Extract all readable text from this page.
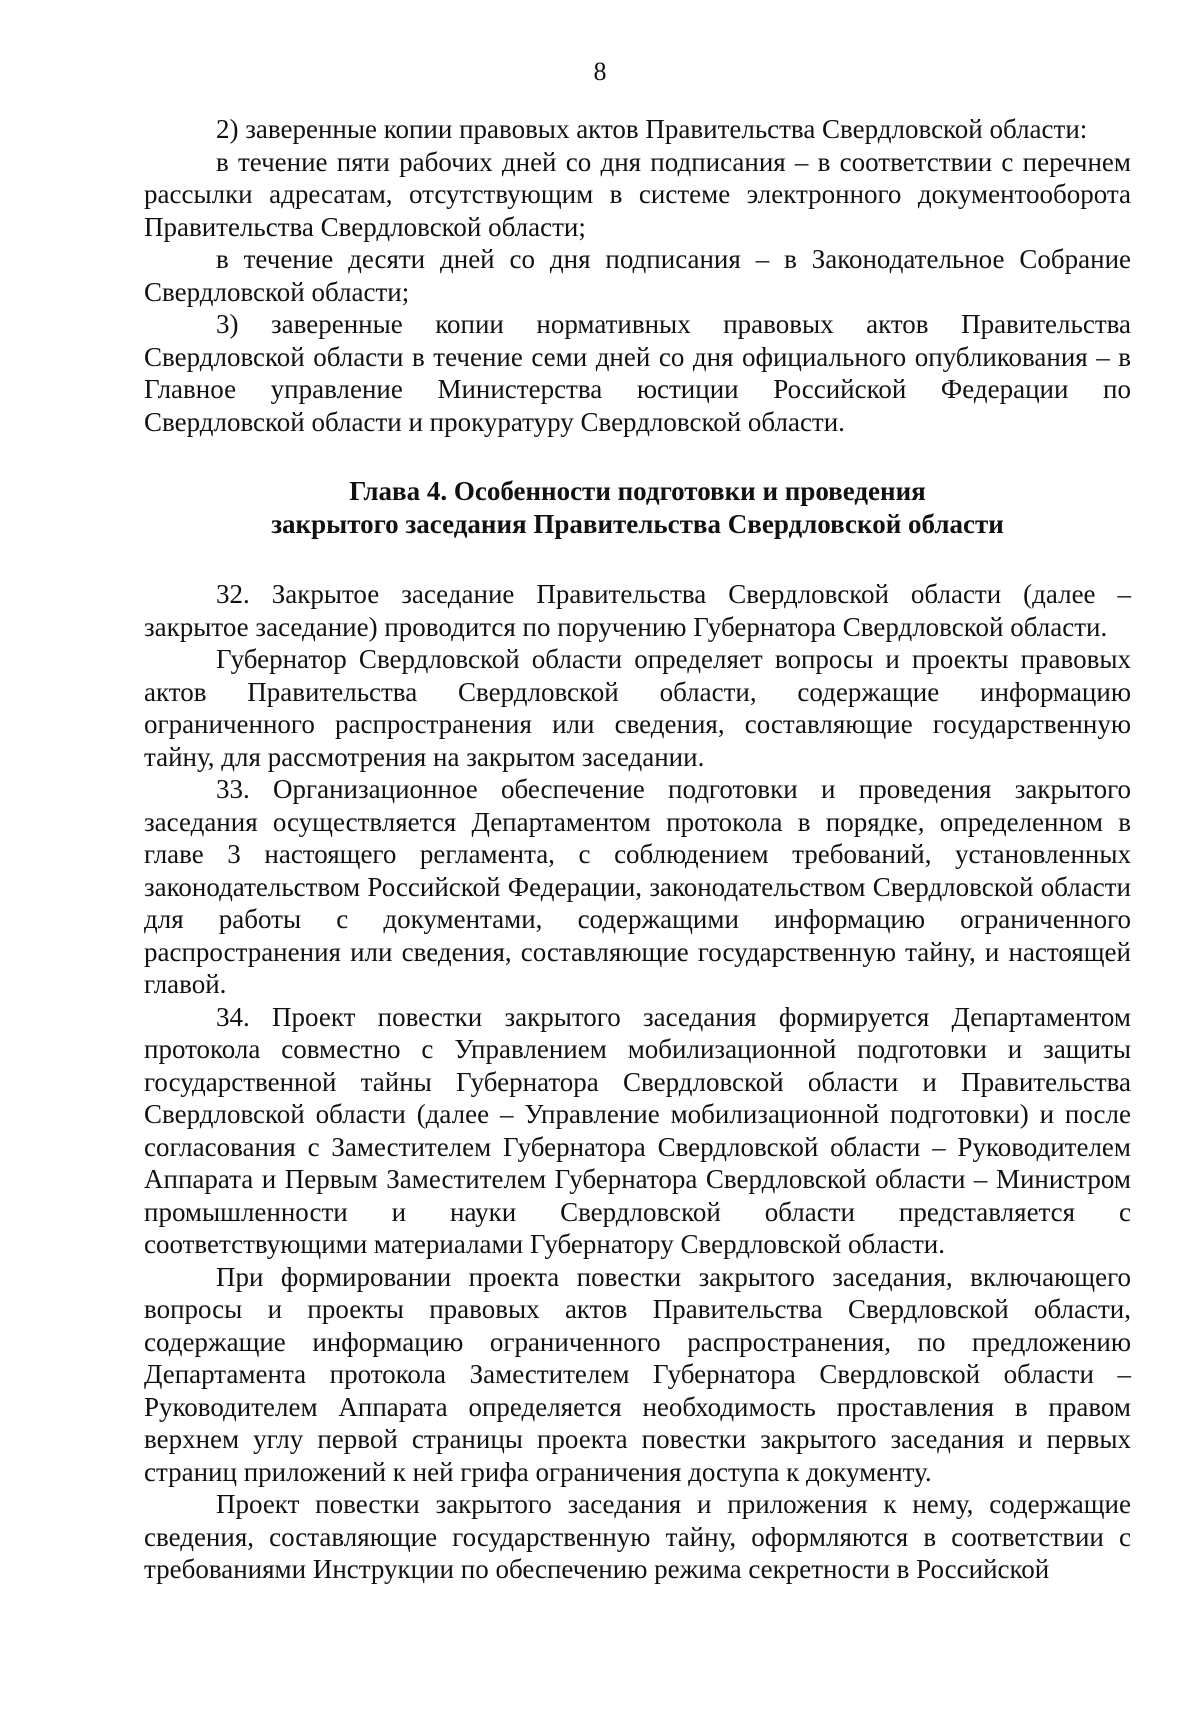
8

2) заверенные копии правовых актов Правительства Свердловской области:

в течение пяти рабочих дней со дня подписания – в соответствии с перечнем рассылки адресатам, отсутствующим в системе электронного документооборота Правительства Свердловской области;

в течение десяти дней со дня подписания – в Законодательное Собрание Свердловской области;

3) заверенные копии нормативных правовых актов Правительства Свердловской области в течение семи дней со дня официального опубликования – в Главное управление Министерства юстиции Российской Федерации по Свердловской области и прокуратуру Свердловской области.

Глава 4. Особенности подготовки и проведения
закрытого заседания Правительства Свердловской области

32. Закрытое заседание Правительства Свердловской области (далее – закрытое заседание) проводится по поручению Губернатора Свердловской области.

Губернатор Свердловской области определяет вопросы и проекты правовых актов Правительства Свердловской области, содержащие информацию ограниченного распространения или сведения, составляющие государственную тайну, для рассмотрения на закрытом заседании.

33. Организационное обеспечение подготовки и проведения закрытого заседания осуществляется Департаментом протокола в порядке, определенном в главе 3 настоящего регламента, с соблюдением требований, установленных законодательством Российской Федерации, законодательством Свердловской области для работы с документами, содержащими информацию ограниченного распространения или сведения, составляющие государственную тайну, и настоящей главой.

34. Проект повестки закрытого заседания формируется Департаментом протокола совместно с Управлением мобилизационной подготовки и защиты государственной тайны Губернатора Свердловской области и Правительства Свердловской области (далее – Управление мобилизационной подготовки) и после согласования с Заместителем Губернатора Свердловской области – Руководителем Аппарата и Первым Заместителем Губернатора Свердловской области – Министром промышленности и науки Свердловской области представляется с соответствующими материалами Губернатору Свердловской области.

При формировании проекта повестки закрытого заседания, включающего вопросы и проекты правовых актов Правительства Свердловской области, содержащие информацию ограниченного распространения, по предложению Департамента протокола Заместителем Губернатора Свердловской области – Руководителем Аппарата определяется необходимость проставления в правом верхнем углу первой страницы проекта повестки закрытого заседания и первых страниц приложений к ней грифа ограничения доступа к документу.

Проект повестки закрытого заседания и приложения к нему, содержащие сведения, составляющие государственную тайну, оформляются в соответствии с требованиями Инструкции по обеспечению режима секретности в Российской
